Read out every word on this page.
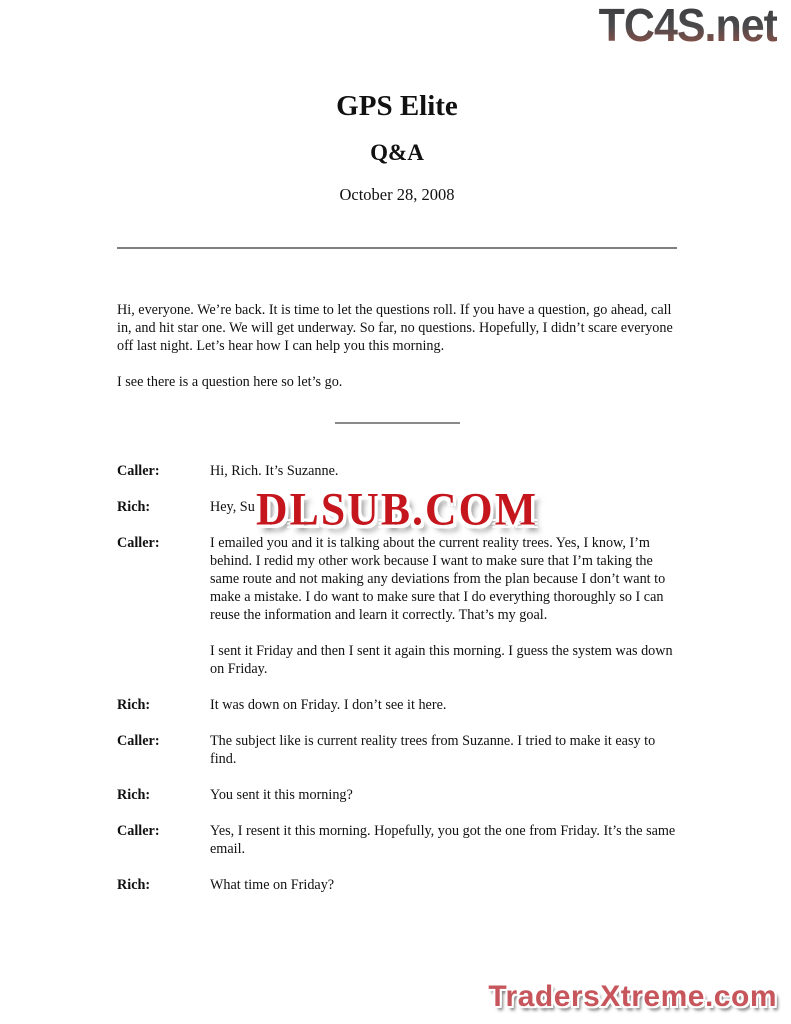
TC4S.net
GPS Elite
Q&A
October 28, 2008

Hi, everyone. We’re back. It is time to let the questions roll. If you have a question, go ahead, call in, and hit star one. We will get underway. So far, no questions. Hopefully, I didn’t scare everyone off last night. Let’s hear how I can help you this morning.

I see there is a question here so let’s go.

Caller:	Hi, Rich. It’s Suzanne.

Rich:	Hey, Su

Caller:	I emailed you and it is talking about the current reality trees. Yes, I know, I’m behind. I redid my other work because I want to make sure that I’m taking the same route and not making any deviations from the plan because I don’t want to make a mistake. I do want to make sure that I do everything thoroughly so I can reuse the information and learn it correctly. That’s my goal.

I sent it Friday and then I sent it again this morning. I guess the system was down on Friday.

Rich:	It was down on Friday. I don’t see it here.

Caller:	The subject like is current reality trees from Suzanne. I tried to make it easy to find.

Rich:	You sent it this morning?

Caller:	Yes, I resent it this morning. Hopefully, you got the one from Friday. It’s the same email.

Rich:	What time on Friday?

DLSUB.COM
TradersXtreme.com
